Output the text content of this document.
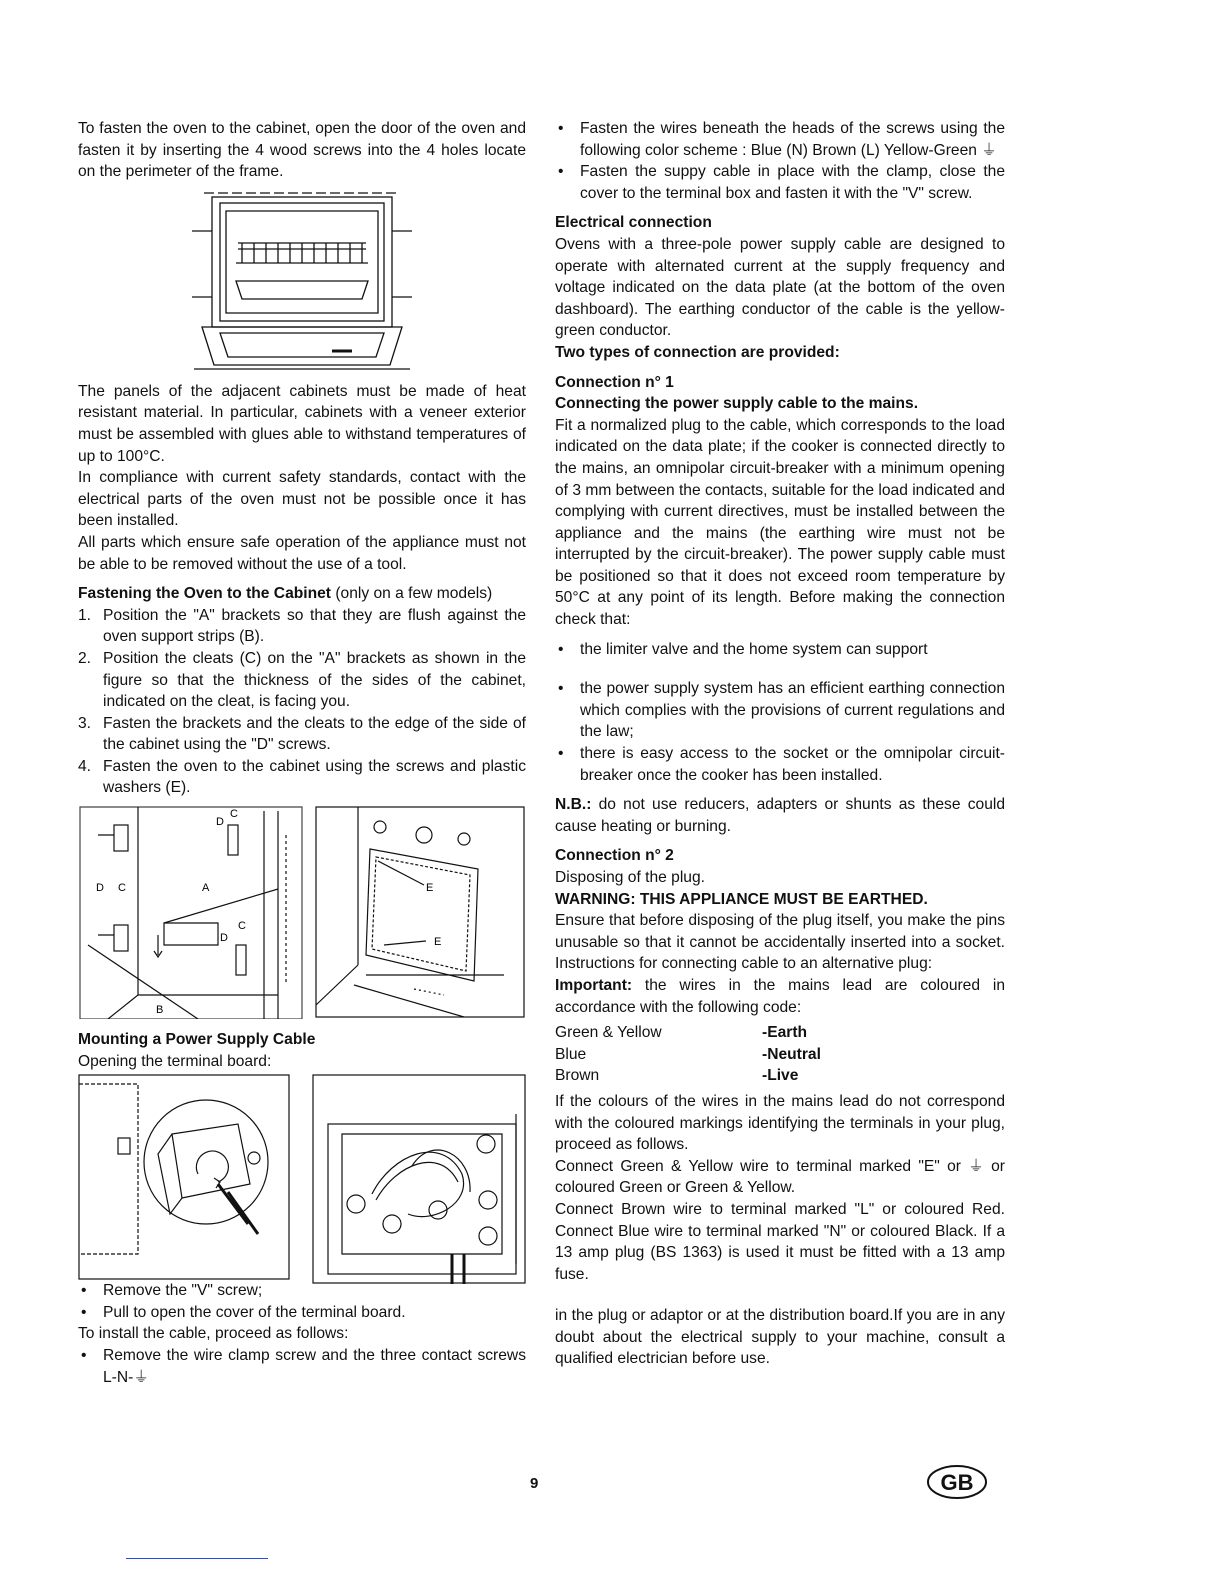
To fasten the oven to the cabinet, open the door of the oven and fasten it by inserting the 4 wood screws into the 4 holes locate on the perimeter of the frame.

The panels of the adjacent cabinets must be made of heat resistant material. In particular, cabinets with a veneer exterior must be assembled with glues able to withstand temperatures of up to 100°C.

In compliance with current safety standards, contact with the electrical parts of the oven must not be possible once it has been installed.

All parts which ensure safe operation of the appliance must not be able to be removed without the use of a tool.

Fastening the Oven to the Cabinet (only on a few models)

1. Position the "A" brackets so that they are flush against the oven support strips (B).
2. Position the cleats (C) on the "A" brackets as shown in the figure so that the thickness of the sides of the cabinet, indicated on the cleat, is facing you.
3. Fasten the brackets and the cleats to the edge of the side of the cabinet using the "D" screws.
4. Fasten the oven to the cabinet using the screws and plastic washers (E).
D
C
A
D C
C
D
B
E
E

Mounting a Power Supply Cable

Opening the terminal board:

• Remove the "V" screw;
• Pull to open the cover of the terminal board.

To install the cable, proceed as follows:

• Remove the wire clamp screw and the three contact screws L-N-⏚
• Fasten the wires beneath the heads of the screws using the following color scheme : Blue (N) Brown (L) Yellow-Green ⏚
• Fasten the suppy cable in place with the clamp, close the cover to the terminal box and fasten it with the "V" screw.

Electrical connection

Ovens with a three-pole power supply cable are designed to operate with alternated current at the supply frequency and voltage indicated on the data plate (at the bottom of the oven dashboard). The earthing conductor of the cable is the yellow-green conductor.

Two types of connection are provided:

Connection n° 1

Connecting the power supply cable to the mains.

Fit a normalized plug to the cable, which corresponds to the load indicated on the data plate; if the cooker is connected directly to the mains, an omnipolar circuit-breaker with a minimum opening of 3 mm between the contacts, suitable for the load indicated and complying with current directives, must be installed between the appliance and the mains (the earthing wire must not be interrupted by the circuit-breaker). The power supply cable must be positioned so that it does not exceed room temperature by 50°C at any point of its length. Before making the connection check that:

• the limiter valve and the home system can support
• the power supply system has an efficient earthing connection which complies with the provisions of current regulations and the law;
• there is easy access to the socket or the omnipolar circuit-breaker once the cooker has been installed.

N.B.: do not use reducers, adapters or shunts as these could cause heating or burning.

Connection n° 2

Disposing of the plug.

WARNING: THIS APPLIANCE MUST BE EARTHED.

Ensure that before disposing of the plug itself, you make the pins unusable so that it cannot be accidentally inserted into a socket. Instructions for connecting cable to an alternative plug:

Important: the wires in the mains lead are coloured in accordance with the following code:

Green & Yellow	-Earth
Blue	-Neutral
Brown	-Live

If the colours of the wires in the mains lead do not correspond with the coloured markings identifying the terminals in your plug, proceed as follows.

Connect Green & Yellow wire to terminal marked "E" or ⏚ or coloured Green or Green & Yellow.

Connect Brown wire to terminal marked "L" or coloured Red. Connect Blue wire to terminal marked "N" or coloured Black. If a 13 amp plug (BS 1363) is used it must be fitted with a 13 amp fuse.

in the plug or adaptor or at the distribution board.If you are in any doubt about the electrical supply to your machine, consult a qualified electrician before use.

9	GB
